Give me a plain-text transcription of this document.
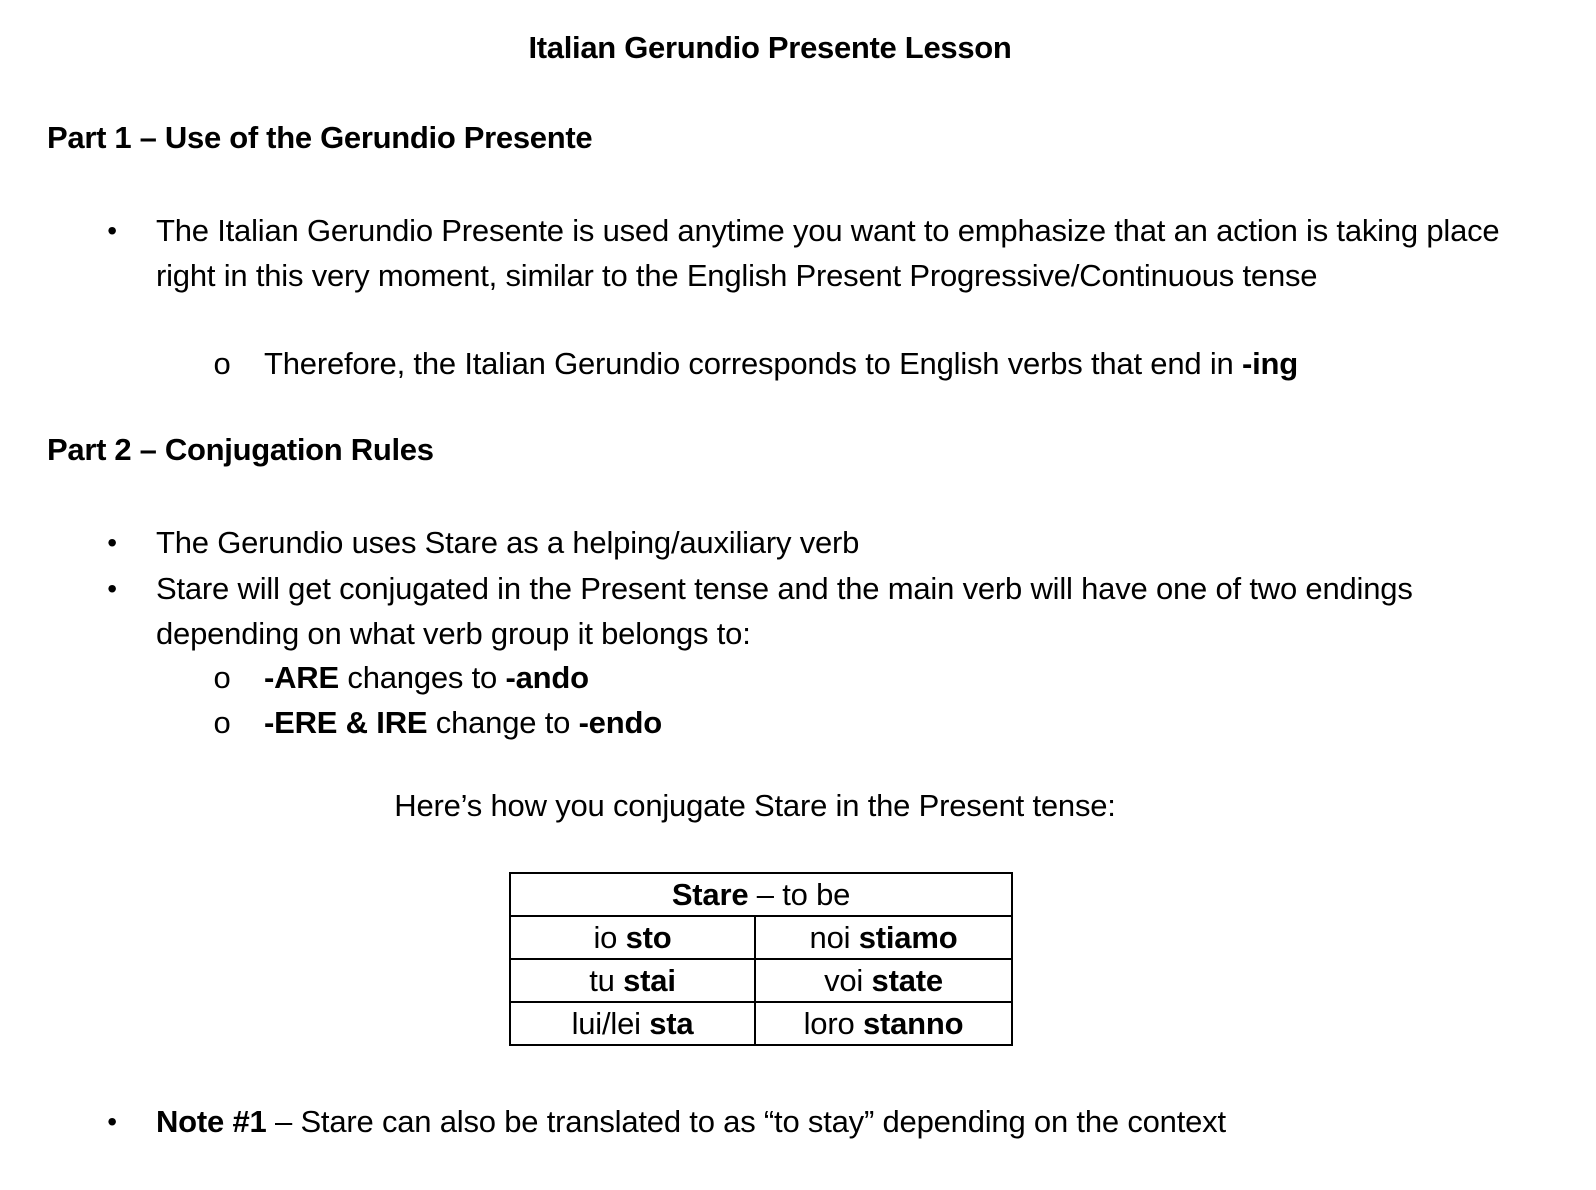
Italian Gerundio Presente Lesson
Part 1 – Use of the Gerundio Presente
• The Italian Gerundio Presente is used anytime you want to emphasize that an action is taking place right in this very moment, similar to the English Present Progressive/Continuous tense
o Therefore, the Italian Gerundio corresponds to English verbs that end in -ing
Part 2 – Conjugation Rules
• The Gerundio uses Stare as a helping/auxiliary verb
• Stare will get conjugated in the Present tense and the main verb will have one of two endings depending on what verb group it belongs to:
o -ARE changes to -ando
o -ERE & IRE change to -endo
Here’s how you conjugate Stare in the Present tense:
Stare – to be	
io sto	noi stiamo
tu stai	voi state
lui/lei sta	loro stanno
• Note #1 – Stare can also be translated to as “to stay” depending on the context
